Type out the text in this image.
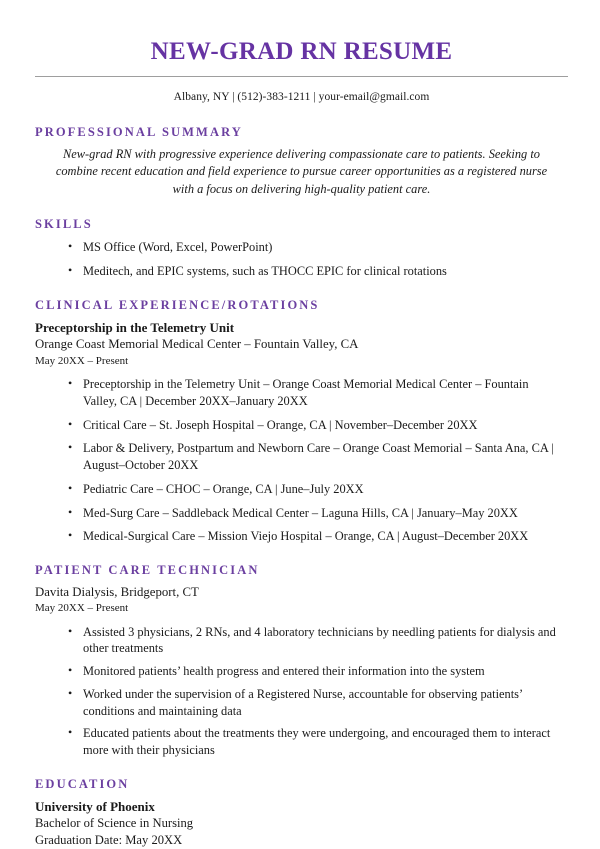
NEW-GRAD RN RESUME
Albany, NY | (512)-383-1211 | your-email@gmail.com
PROFESSIONAL SUMMARY

New-grad RN with progressive experience delivering compassionate care to patients. Seeking to combine recent education and field experience to pursue career opportunities as a registered nurse with a focus on delivering high-quality patient care.

SKILLS
• MS Office (Word, Excel, PowerPoint)
• Meditech, and EPIC systems, such as THOCC EPIC for clinical rotations
CLINICAL EXPERIENCE/ROTATIONS

Preceptorship in the Telemetry Unit

Orange Coast Memorial Medical Center – Fountain Valley, CA

May 20XX – Present

• Preceptorship in the Telemetry Unit – Orange Coast Memorial Medical Center – Fountain Valley, CA | December 20XX–January 20XX
• Critical Care – St. Joseph Hospital – Orange, CA | November–December 20XX
• Labor & Delivery, Postpartum and Newborn Care – Orange Coast Memorial – Santa Ana, CA | August–October 20XX
• Pediatric Care – CHOC – Orange, CA | June–July 20XX
• Med-Surg Care – Saddleback Medical Center – Laguna Hills, CA | January–May 20XX
• Medical-Surgical Care – Mission Viejo Hospital – Orange, CA | August–December 20XX
PATIENT CARE TECHNICIAN

Davita Dialysis, Bridgeport, CT

May 20XX – Present

• Assisted 3 physicians, 2 RNs, and 4 laboratory technicians by needling patients for dialysis and other treatments
• Monitored patients’ health progress and entered their information into the system
• Worked under the supervision of a Registered Nurse, accountable for observing patients’ conditions and maintaining data
• Educated patients about the treatments they were undergoing, and encouraged them to interact more with their physicians
EDUCATION

University of Phoenix

Bachelor of Science in Nursing

Graduation Date: May 20XX
